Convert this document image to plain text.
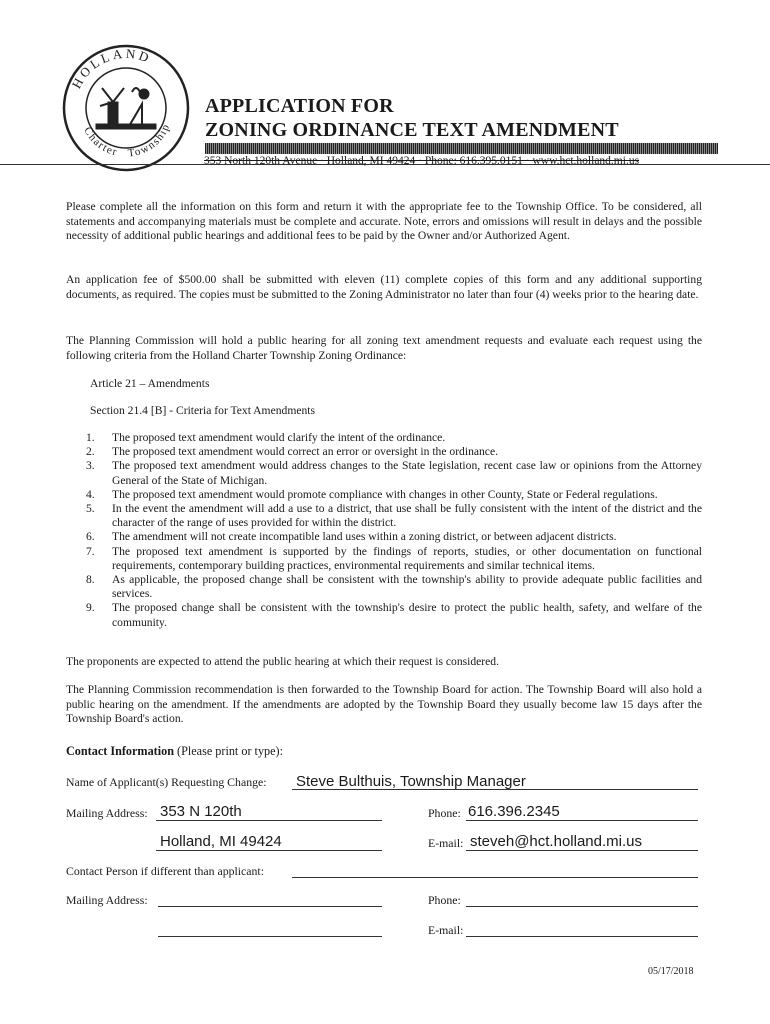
HOLLAND
Charter Township
APPLICATION FOR
ZONING ORDINANCE TEXT AMENDMENT
353 North 120th Avenue · Holland, MI 49424 · Phone: 616.395.0151 · www.hct.holland.mi.us
Please complete all the information on this form and return it with the appropriate fee to the Township Office. To be considered, all statements and accompanying materials must be complete and accurate. Note, errors and omissions will result in delays and the possible necessity of additional public hearings and additional fees to be paid by the Owner and/or Authorized Agent.
An application fee of $500.00 shall be submitted with eleven (11) complete copies of this form and any additional supporting documents, as required. The copies must be submitted to the Zoning Administrator no later than four (4) weeks prior to the hearing date.
The Planning Commission will hold a public hearing for all zoning text amendment requests and evaluate each request using the following criteria from the Holland Charter Township Zoning Ordinance:
Article 21 – Amendments
Section 21.4 [B] - Criteria for Text Amendments
1. The proposed text amendment would clarify the intent of the ordinance.
2. The proposed text amendment would correct an error or oversight in the ordinance.
3. The proposed text amendment would address changes to the State legislation, recent case law or opinions from the Attorney General of the State of Michigan.
4. The proposed text amendment would promote compliance with changes in other County, State or Federal regulations.
5. In the event the amendment will add a use to a district, that use shall be fully consistent with the intent of the district and the character of the range of uses provided for within the district.
6. The amendment will not create incompatible land uses within a zoning district, or between adjacent districts.
7. The proposed text amendment is supported by the findings of reports, studies, or other documentation on functional requirements, contemporary building practices, environmental requirements and similar technical items.
8. As applicable, the proposed change shall be consistent with the township's ability to provide adequate public facilities and services.
9. The proposed change shall be consistent with the township's desire to protect the public health, safety, and welfare of the community.
The proponents are expected to attend the public hearing at which their request is considered.
The Planning Commission recommendation is then forwarded to the Township Board for action. The Township Board will also hold a public hearing on the amendment. If the amendments are adopted by the Township Board they usually become law 15 days after the Township Board's action.
Contact Information (Please print or type):
Name of Applicant(s) Requesting Change: Steve Bulthuis, Township Manager
Mailing Address: 353 N 120th	Phone: 616.396.2345
Holland, MI 49424	E-mail: steveh@hct.holland.mi.us
Contact Person if different than applicant:
Mailing Address:	Phone:
E-mail:
05/17/2018
